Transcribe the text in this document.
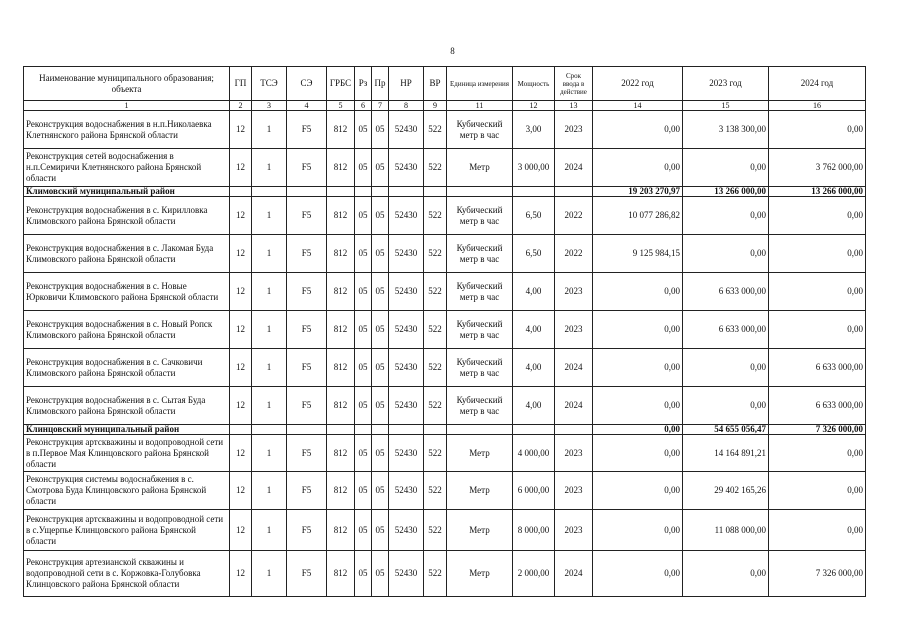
8
Наименование муниципального образования; объекта	ГП	ТСЭ	СЭ	ГРБС	Рз	Пр	НР	ВР	Единица измерения	Мощность	Срок ввода в действие	2022 год	2023 год	2024 год
1	2	3	4	5	6	7	8	9	11	12	13	14	15	16
Реконструкция водоснабжения в н.п.Николаевка Клетнянского района Брянской области	12	1	F5	812	05	05	52430	522	Кубический метр в час	3,00	2023	0,00	3 138 300,00	0,00
Реконструкция сетей водоснабжения в н.п.Семиричи Клетнянского района Брянской области	12	1	F5	812	05	05	52430	522	Метр	3 000,00	2024	0,00	0,00	3 762 000,00
Климовский муниципальный район												19 203 270,97	13 266 000,00	13 266 000,00
Реконструкция водоснабжения в с. Кирилловка Климовского района Брянской области	12	1	F5	812	05	05	52430	522	Кубический метр в час	6,50	2022	10 077 286,82	0,00	0,00
Реконструкция водоснабжения в с. Лакомая Буда Климовского района Брянской области	12	1	F5	812	05	05	52430	522	Кубический метр в час	6,50	2022	9 125 984,15	0,00	0,00
Реконструкция водоснабжения в с. Новые Юрковичи Климовского района Брянской области	12	1	F5	812	05	05	52430	522	Кубический метр в час	4,00	2023	0,00	6 633 000,00	0,00
Реконструкция водоснабжения в с. Новый Ропск Климовского района Брянской области	12	1	F5	812	05	05	52430	522	Кубический метр в час	4,00	2023	0,00	6 633 000,00	0,00
Реконструкция водоснабжения в с. Сачковичи Климовского района Брянской области	12	1	F5	812	05	05	52430	522	Кубический метр в час	4,00	2024	0,00	0,00	6 633 000,00
Реконструкция водоснабжения в с. Сытая Буда Климовского района Брянской области	12	1	F5	812	05	05	52430	522	Кубический метр в час	4,00	2024	0,00	0,00	6 633 000,00
Клинцовский муниципальный район												0,00	54 655 056,47	7 326 000,00
Реконструкция артскважины и водопроводной сети в п.Первое Мая Клинцовского района Брянской области	12	1	F5	812	05	05	52430	522	Метр	4 000,00	2023	0,00	14 164 891,21	0,00
Реконструкция системы водоснабжения в с. Смотрова Буда Клинцовского района Брянской области	12	1	F5	812	05	05	52430	522	Метр	6 000,00	2023	0,00	29 402 165,26	0,00
Реконструкция артскважины и водопроводной сети в с.Ущерпье Клинцовского района Брянской области	12	1	F5	812	05	05	52430	522	Метр	8 000,00	2023	0,00	11 088 000,00	0,00
Реконструкция артезианской скважины и водопроводной сети в с. Коржовка-Голубовка Клинцовского района Брянской области	12	1	F5	812	05	05	52430	522	Метр	2 000,00	2024	0,00	0,00	7 326 000,00
